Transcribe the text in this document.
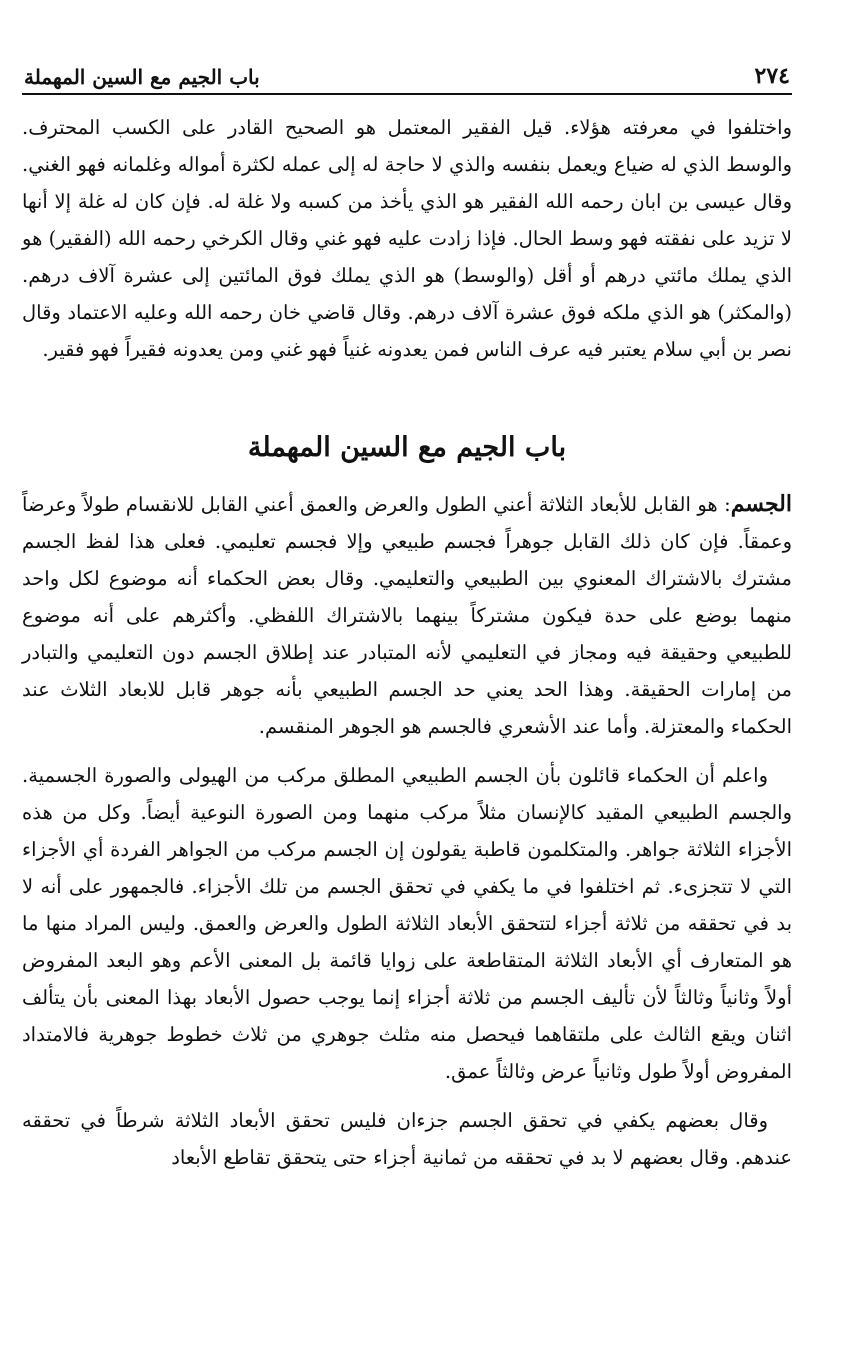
٢٧٤
باب الجيم مع السين المهملة

واختلفوا في معرفته هؤلاء. قيل الفقير المعتمل هو الصحيح القادر على الكسب المحترف. والوسط الذي له ضياع ويعمل بنفسه والذي لا حاجة له إلى عمله لكثرة أمواله وغلمانه فهو الغني. وقال عيسى بن ابان رحمه الله الفقير هو الذي يأخذ من كسبه ولا غلة له. فإن كان له غلة إلا أنها لا تزيد على نفقته فهو وسط الحال. فإذا زادت عليه فهو غني وقال الكرخي رحمه الله (الفقير) هو الذي يملك مائتي درهم أو أقل (والوسط) هو الذي يملك فوق المائتين إلى عشرة آلاف درهم. (والمكثر) هو الذي ملكه فوق عشرة آلاف درهم. وقال قاضي خان رحمه الله وعليه الاعتماد وقال نصر بن أبي سلام يعتبر فيه عرف الناس فمن يعدونه غنياً فهو غني ومن يعدونه فقيراً فهو فقير.

باب الجيم مع السين المهملة

الجسم: هو القابل للأبعاد الثلاثة أعني الطول والعرض والعمق أعني القابل للانقسام طولاً وعرضاً وعمقاً. فإن كان ذلك القابل جوهراً فجسم طبيعي وإلا فجسم تعليمي. فعلى هذا لفظ الجسم مشترك بالاشتراك المعنوي بين الطبيعي والتعليمي. وقال بعض الحكماء أنه موضوع لكل واحد منهما بوضع على حدة فيكون مشتركاً بينهما بالاشتراك اللفظي. وأكثرهم على أنه موضوع للطبيعي وحقيقة فيه ومجاز في التعليمي لأنه المتبادر عند إطلاق الجسم دون التعليمي والتبادر من إمارات الحقيقة. وهذا الحد يعني حد الجسم الطبيعي بأنه جوهر قابل للابعاد الثلاث عند الحكماء والمعتزلة. وأما عند الأشعري فالجسم هو الجوهر المنقسم.

واعلم أن الحكماء قائلون بأن الجسم الطبيعي المطلق مركب من الهيولى والصورة الجسمية. والجسم الطبيعي المقيد كالإنسان مثلاً مركب منهما ومن الصورة النوعية أيضاً. وكل من هذه الأجزاء الثلاثة جواهر. والمتكلمون قاطبة يقولون إن الجسم مركب من الجواهر الفردة أي الأجزاء التي لا تتجزىء. ثم اختلفوا في ما يكفي في تحقق الجسم من تلك الأجزاء. فالجمهور على أنه لا بد في تحققه من ثلاثة أجزاء لتتحقق الأبعاد الثلاثة الطول والعرض والعمق. وليس المراد منها ما هو المتعارف أي الأبعاد الثلاثة المتقاطعة على زوايا قائمة بل المعنى الأعم وهو البعد المفروض أولاً وثانياً وثالثاً لأن تأليف الجسم من ثلاثة أجزاء إنما يوجب حصول الأبعاد بهذا المعنى بأن يتألف اثنان ويقع الثالث على ملتقاهما فيحصل منه مثلث جوهري من ثلاث خطوط جوهرية فالامتداد المفروض أولاً طول وثانياً عرض وثالثاً عمق.

وقال بعضهم يكفي في تحقق الجسم جزءان فليس تحقق الأبعاد الثلاثة شرطاً في تحققه عندهم. وقال بعضهم لا بد في تحققه من ثمانية أجزاء حتى يتحقق تقاطع الأبعاد
